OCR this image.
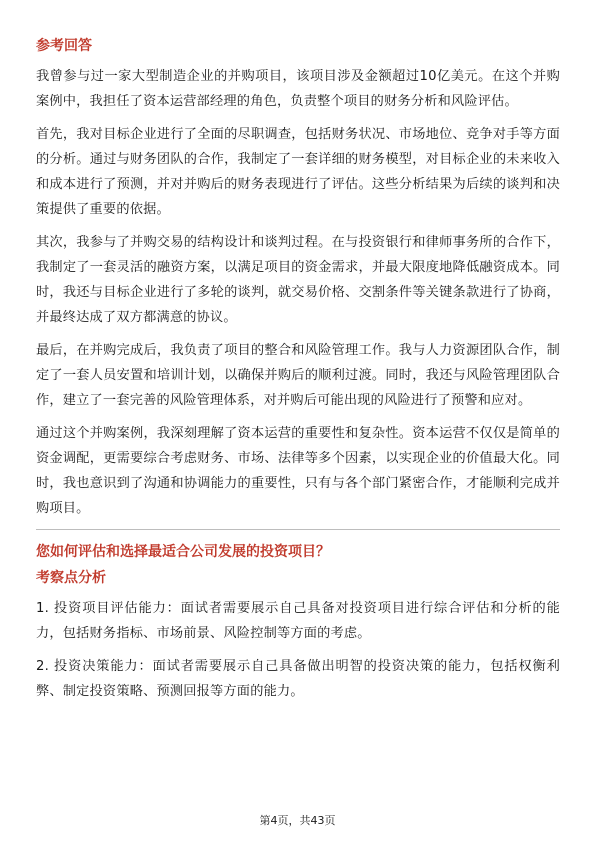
参考回答

我曾参与过一家大型制造企业的并购项目，该项目涉及金额超过10亿美元。在这个并购案例中，我担任了资本运营部经理的角色，负责整个项目的财务分析和风险评估。

首先，我对目标企业进行了全面的尽职调查，包括财务状况、市场地位、竞争对手等方面的分析。通过与财务团队的合作，我制定了一套详细的财务模型，对目标企业的未来收入和成本进行了预测，并对并购后的财务表现进行了评估。这些分析结果为后续的谈判和决策提供了重要的依据。

其次，我参与了并购交易的结构设计和谈判过程。在与投资银行和律师事务所的合作下，我制定了一套灵活的融资方案，以满足项目的资金需求，并最大限度地降低融资成本。同时，我还与目标企业进行了多轮的谈判，就交易价格、交割条件等关键条款进行了协商，并最终达成了双方都满意的协议。

最后，在并购完成后，我负责了项目的整合和风险管理工作。我与人力资源团队合作，制定了一套人员安置和培训计划，以确保并购后的顺利过渡。同时，我还与风险管理团队合作，建立了一套完善的风险管理体系，对并购后可能出现的风险进行了预警和应对。

通过这个并购案例，我深刻理解了资本运营的重要性和复杂性。资本运营不仅仅是简单的资金调配，更需要综合考虑财务、市场、法律等多个因素，以实现企业的价值最大化。同时，我也意识到了沟通和协调能力的重要性，只有与各个部门紧密合作，才能顺利完成并购项目。

您如何评估和选择最适合公司发展的投资项目？
考察点分析

1. 投资项目评估能力：面试者需要展示自己具备对投资项目进行综合评估和分析的能力，包括财务指标、市场前景、风险控制等方面的考虑。

2. 投资决策能力：面试者需要展示自己具备做出明智的投资决策的能力，包括权衡利弊、制定投资策略、预测回报等方面的能力。

第4页，共43页
